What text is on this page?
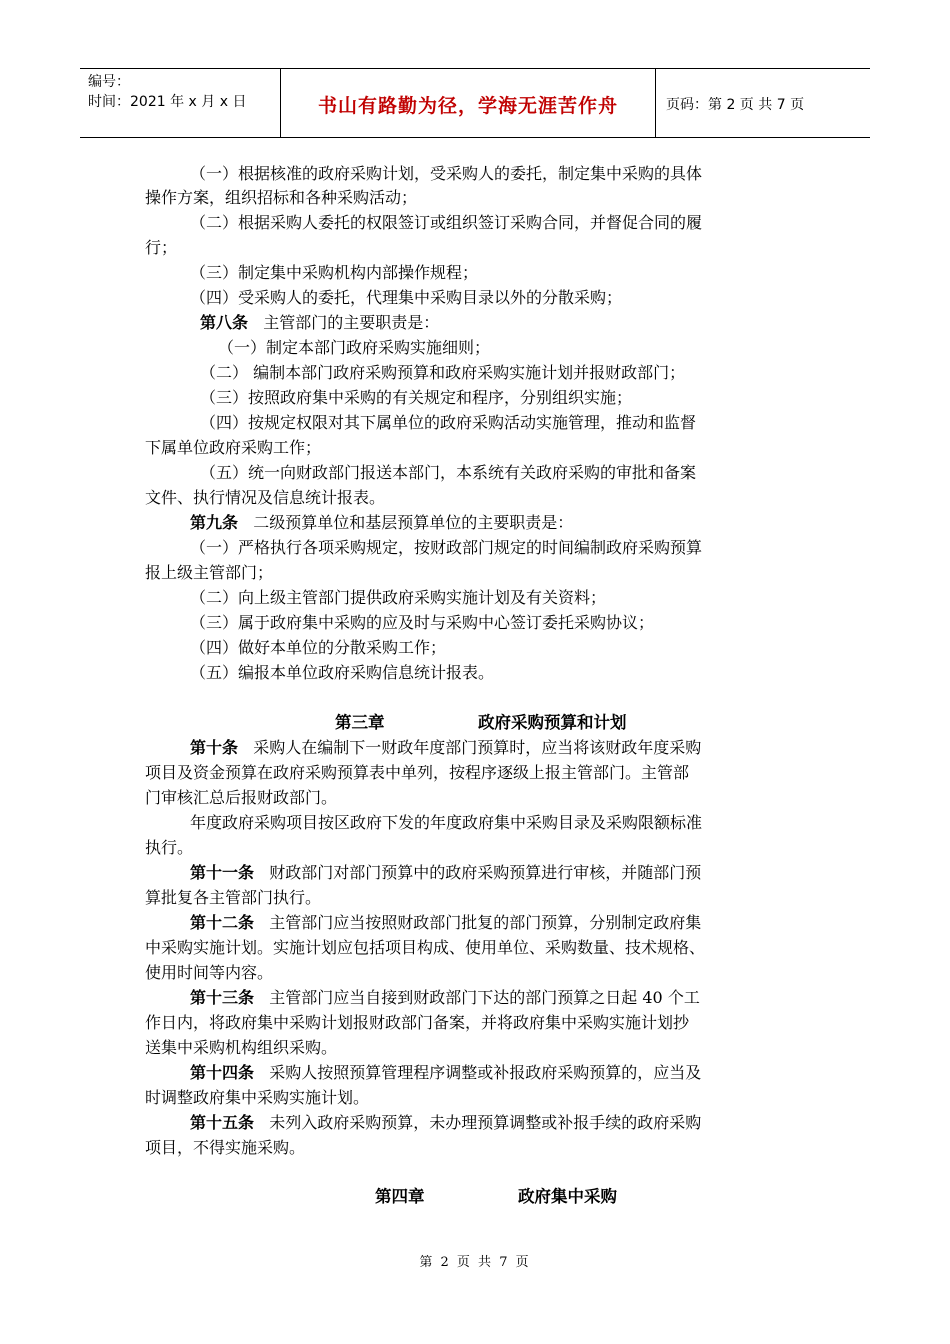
编号：
时间：2021 年 x 月 x 日	书山有路勤为径，学海无涯苦作舟	页码：第 2 页 共 7 页
（一）根据核准的政府采购计划，受采购人的委托，制定集中采购的具体
操作方案，组织招标和各种采购活动；
（二）根据采购人委托的权限签订或组织签订采购合同，并督促合同的履
行；
（三）制定集中采购机构内部操作规程；
（四）受采购人的委托，代理集中采购目录以外的分散采购；
第八条 主管部门的主要职责是：
（一）制定本部门政府采购实施细则；
（二） 编制本部门政府采购预算和政府采购实施计划并报财政部门；
（三）按照政府集中采购的有关规定和程序，分别组织实施；
（四）按规定权限对其下属单位的政府采购活动实施管理，推动和监督
下属单位政府采购工作；
（五）统一向财政部门报送本部门，本系统有关政府采购的审批和备案
文件、执行情况及信息统计报表。
第九条 二级预算单位和基层预算单位的主要职责是：
（一）严格执行各项采购规定，按财政部门规定的时间编制政府采购预算
报上级主管部门；
（二）向上级主管部门提供政府采购实施计划及有关资料；
（三）属于政府集中采购的应及时与采购中心签订委托采购协议；
（四）做好本单位的分散采购工作；
（五）编报本单位政府采购信息统计报表。
第三章	政府采购预算和计划
第十条 采购人在编制下一财政年度部门预算时，应当将该财政年度采购
项目及资金预算在政府采购预算表中单列，按程序逐级上报主管部门。主管部
门审核汇总后报财政部门。
年度政府采购项目按区政府下发的年度政府集中采购目录及采购限额标准
执行。
第十一条 财政部门对部门预算中的政府采购预算进行审核，并随部门预
算批复各主管部门执行。
第十二条 主管部门应当按照财政部门批复的部门预算，分别制定政府集
中采购实施计划。实施计划应包括项目构成、使用单位、采购数量、技术规格、
使用时间等内容。
第十三条 主管部门应当自接到财政部门下达的部门预算之日起 40 个工
作日内，将政府集中采购计划报财政部门备案，并将政府集中采购实施计划抄
送集中采购机构组织采购。
第十四条 采购人按照预算管理程序调整或补报政府采购预算的，应当及
时调整政府集中采购实施计划。
第十五条 未列入政府采购预算，未办理预算调整或补报手续的政府采购
项目，不得实施采购。
第四章	政府集中采购
第 2 页 共 7 页
